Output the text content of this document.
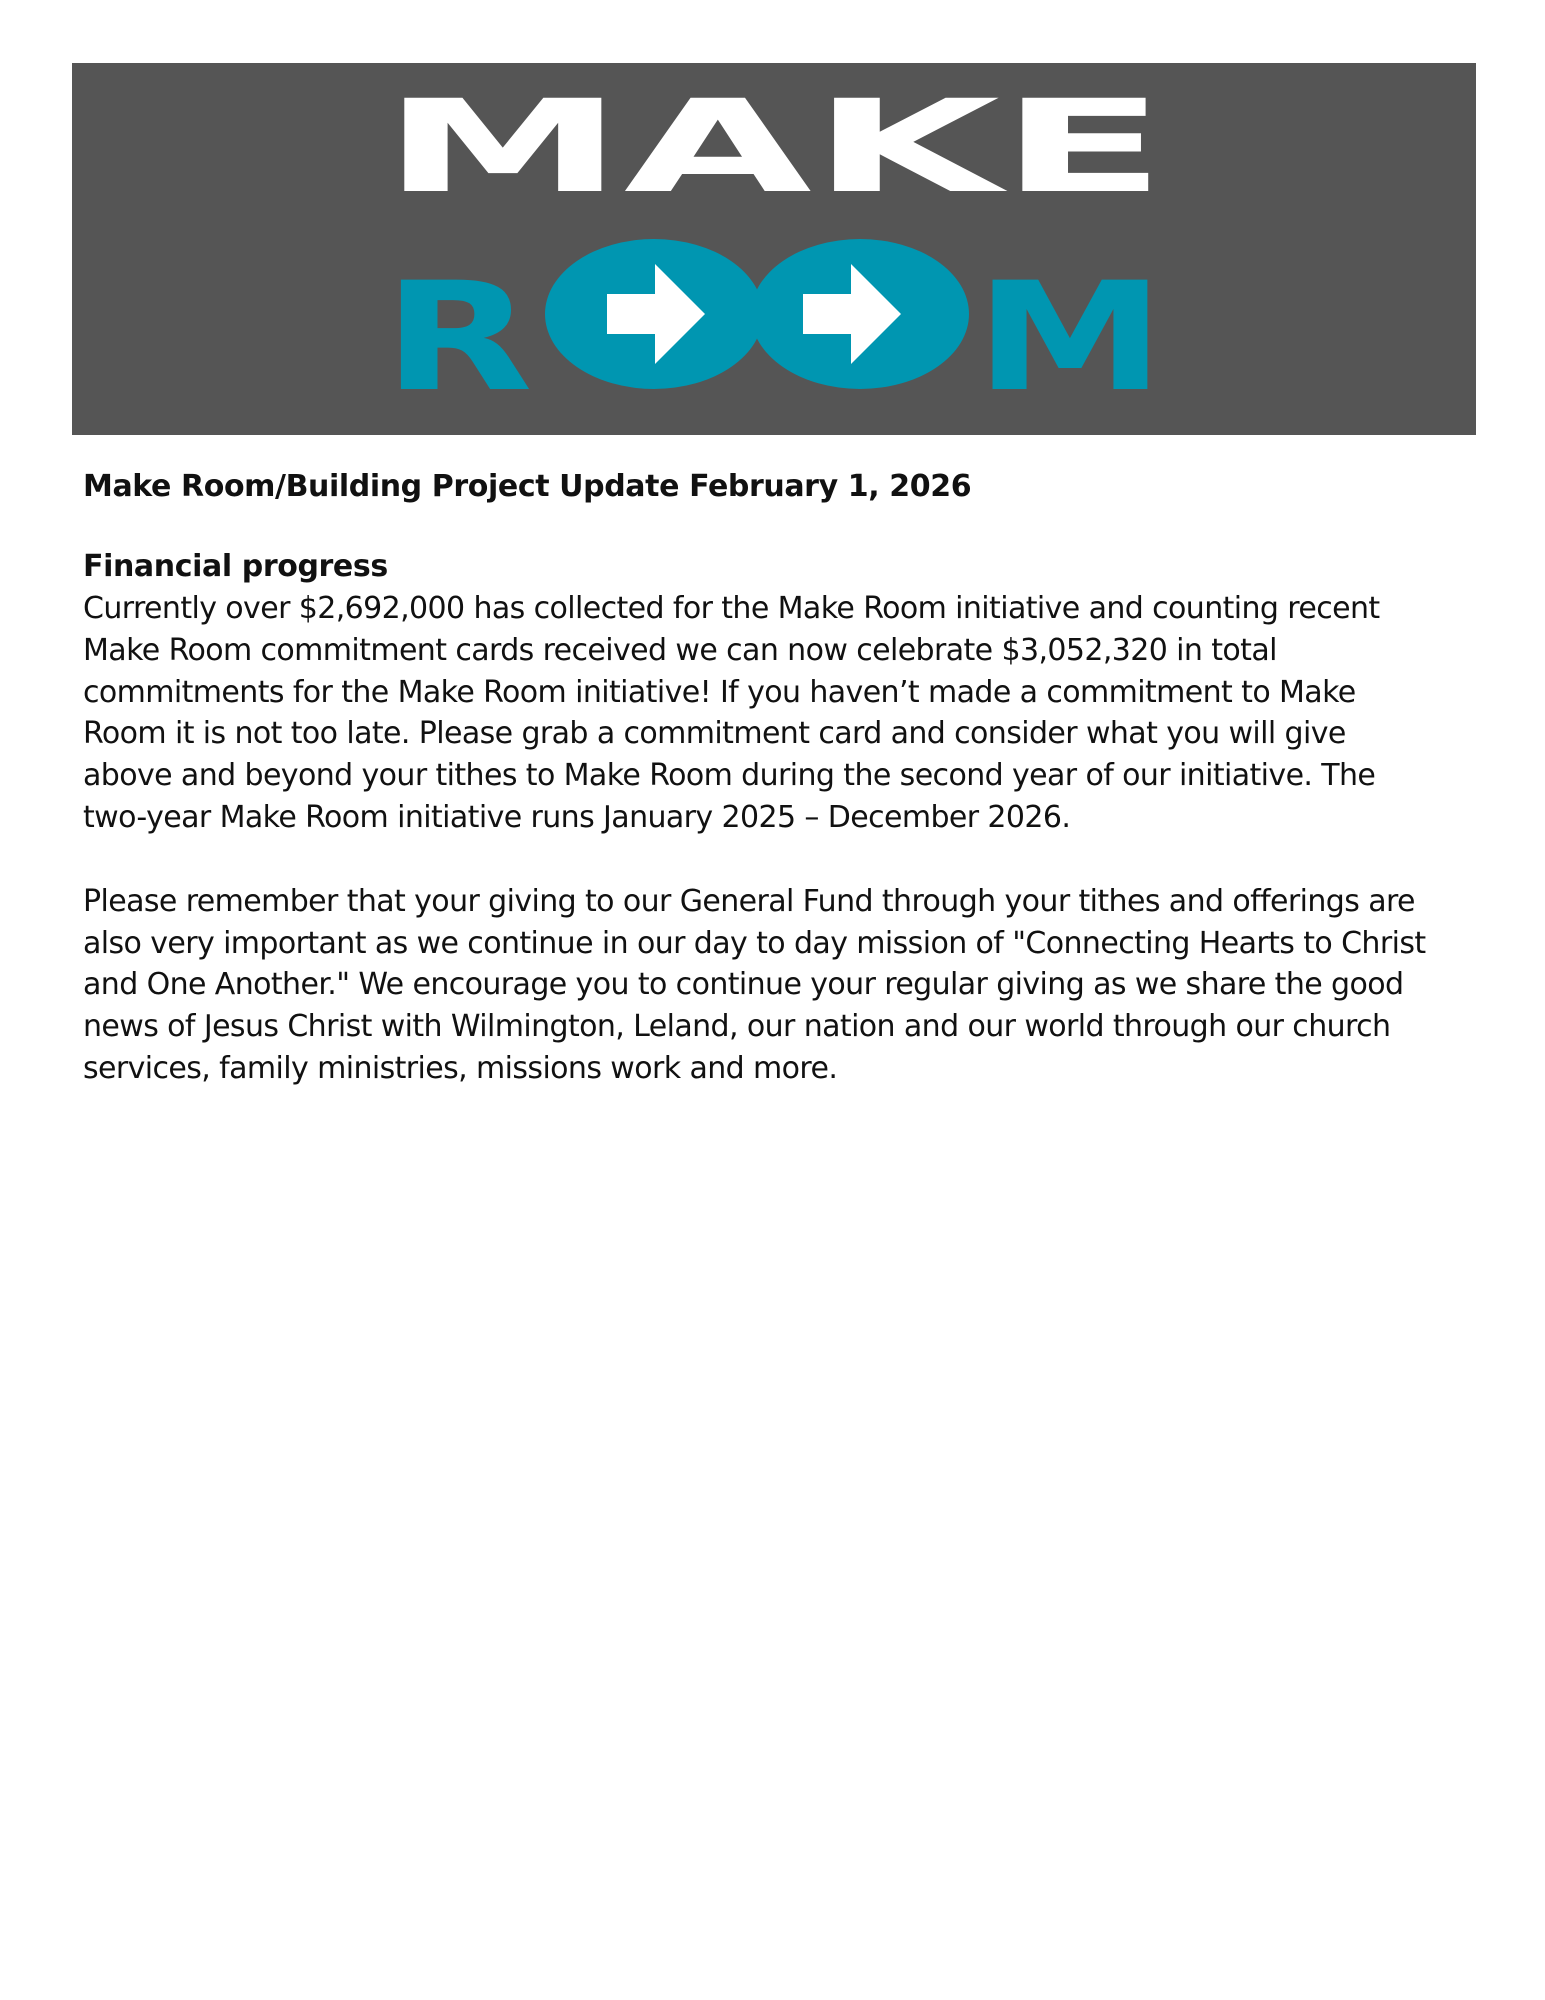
MAKE
R	M
Make Room/Building Project Update February 1, 2026
Financial progress

Currently over $2,692,000 has collected for the Make Room initiative and counting recent Make Room commitment cards received we can now celebrate $3,052,320 in total commitments for the Make Room initiative! If you haven’t made a commitment to Make Room it is not too late. Please grab a commitment card and consider what you will give above and beyond your tithes to Make Room during the second year of our initiative. The two-year Make Room initiative runs January 2025 – December 2026.

Please remember that your giving to our General Fund through your tithes and offerings are also very important as we continue in our day to day mission of "Connecting Hearts to Christ and One Another." We encourage you to continue your regular giving as we share the good news of Jesus Christ with Wilmington, Leland, our nation and our world through our church services, family ministries, missions work and more.
